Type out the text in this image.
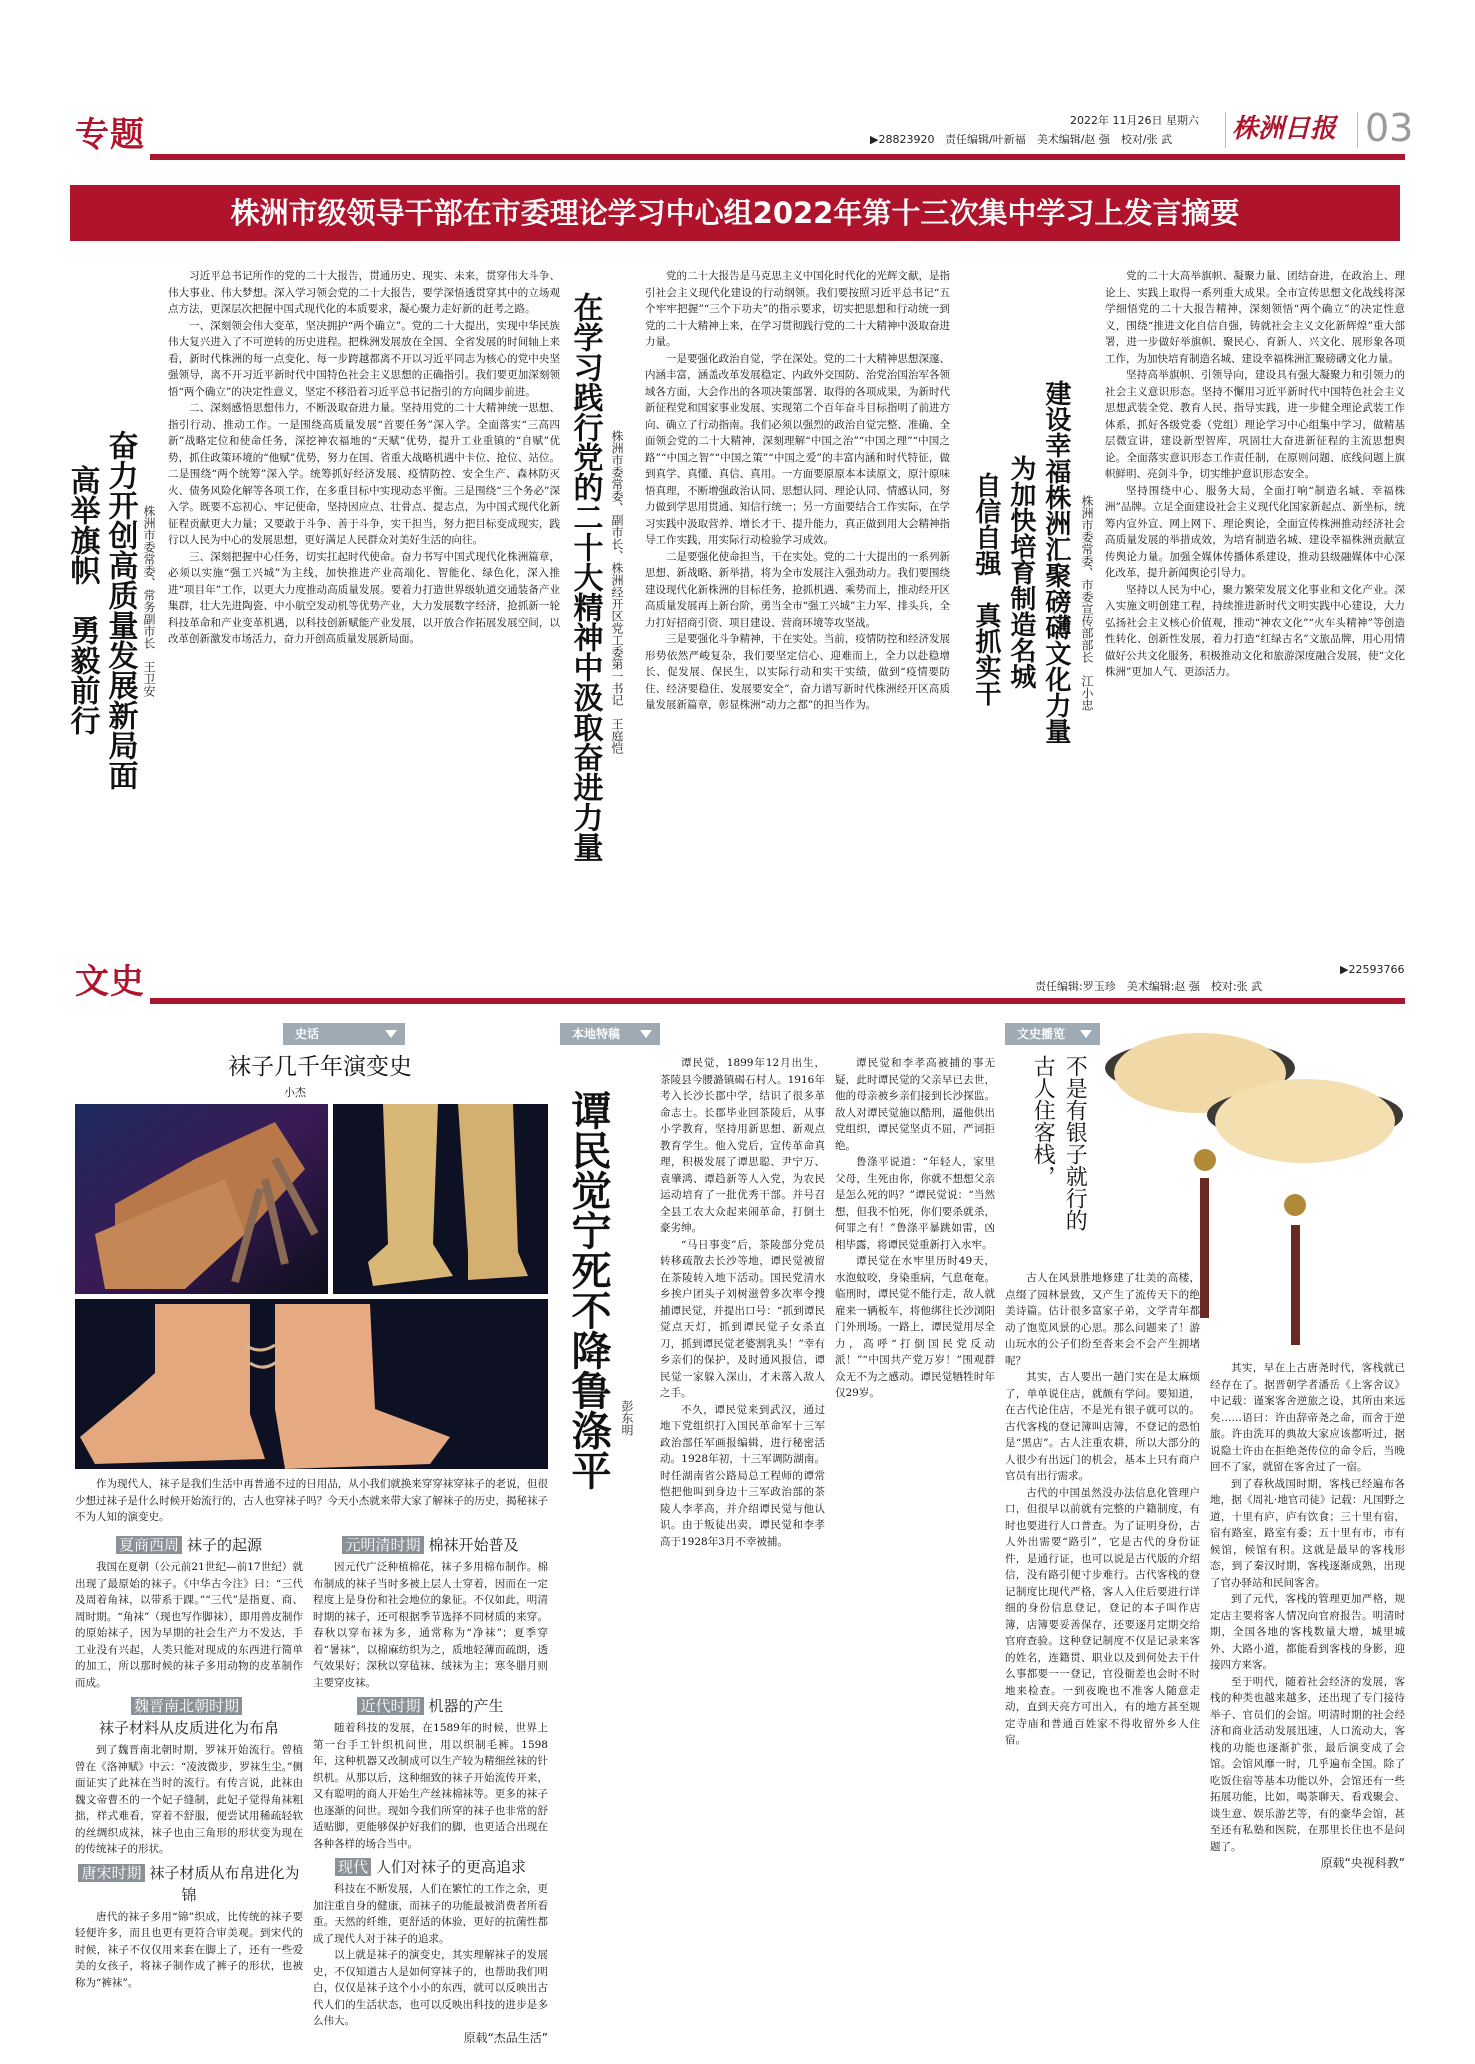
专题	2022年 11月26日 星期六
▶28823920 责任编辑/叶新福　美术编辑/赵 强　校对/张 武 株洲日报 03
株洲市级领导干部在市委理论学习中心组2022年第十三次集中学习上发言摘要
奋力开创高质量发展新局面
高举旗帜　勇毅前行	株洲市委常委、常务副市长　王卫安

习近平总书记所作的党的二十大报告，贯通历史、现实、未来，贯穿伟大斗争、伟大事业、伟大梦想。深入学习领会党的二十大报告，要学深悟透贯穿其中的立场观点方法，更深层次把握中国式现代化的本质要求，凝心聚力走好新的赶考之路。

一、深刻领会伟大变革，坚决拥护“两个确立”。党的二十大提出，实现中华民族伟大复兴进入了不可逆转的历史进程。把株洲发展放在全国、全省发展的时间轴上来看，新时代株洲的每一点变化、每一步跨越都离不开以习近平同志为核心的党中央坚强领导，离不开习近平新时代中国特色社会主义思想的正确指引。我们要更加深刻领悟“两个确立”的决定性意义，坚定不移沿着习近平总书记指引的方向阔步前进。

二、深刻感悟思想伟力，不断汲取奋进力量。坚持用党的二十大精神统一思想、指引行动、推动工作。一是围绕高质量发展“首要任务”深入学。全面落实“三高四新”战略定位和使命任务，深挖神农福地的“天赋”优势，提升工业重镇的“自赋”优势，抓住政策环境的“他赋”优势，努力在国、省重大战略机遇中卡位、抢位、站位。二是围绕“两个统筹”深入学。统筹抓好经济发展、疫情防控、安全生产、森林防灭火、债务风险化解等各项工作，在多重目标中实现动态平衡。三是围绕“三个务必”深入学。既要不忘初心、牢记使命，坚持因应点、壮骨点、提志点，为中国式现代化新征程贡献更大力量；又要敢于斗争、善于斗争，实干担当，努力把目标变成现实，践行以人民为中心的发展思想，更好满足人民群众对美好生活的向往。

三、深刻把握中心任务，切实扛起时代使命。奋力书写中国式现代化株洲篇章，必须以实施“强工兴城”为主线，加快推进产业高端化、智能化、绿色化，深入推进“项目年”工作，以更大力度推动高质量发展。要着力打造世界级轨道交通装备产业集群，壮大先进陶瓷、中小航空发动机等优势产业，大力发展数字经济，抢抓新一轮科技革命和产业变革机遇，以科技创新赋能产业发展，以开放合作拓展发展空间，以改革创新激发市场活力，奋力开创高质量发展新局面。	在学习践行党的二十大精神中汲取奋进力量 株洲市委常委、副市长、株洲经开区党工委第一书记　王庭恺

党的二十大报告是马克思主义中国化时代化的光辉文献，是指引社会主义现代化建设的行动纲领。我们要按照习近平总书记“五个牢牢把握”“三个下功夫”的指示要求，切实把思想和行动统一到党的二十大精神上来，在学习贯彻践行党的二十大精神中汲取奋进力量。

一是要强化政治自觉，学在深处。党的二十大精神思想深邃、内涵丰富，涵盖改革发展稳定、内政外交国防、治党治国治军各领域各方面，大会作出的各项决策部署、取得的各项成果，为新时代新征程党和国家事业发展、实现第二个百年奋斗目标指明了前进方向、确立了行动指南。我们必须以强烈的政治自觉完整、准确、全面领会党的二十大精神，深刻理解“中国之治”“中国之理”“中国之路”“中国之智”“中国之策”“中国之爱”的丰富内涵和时代特征，做到真学、真懂、真信、真用。一方面要原原本本读原文，原汁原味悟真理，不断增强政治认同、思想认同、理论认同、情感认同，努力做到学思用贯通、知信行统一；另一方面要结合工作实际，在学习实践中汲取营养、增长才干、提升能力，真正做到用大会精神指导工作实践，用实际行动检验学习成效。

二是要强化使命担当，干在实处。党的二十大提出的一系列新思想、新战略、新举措，将为全市发展注入强劲动力。我们要围绕建设现代化新株洲的目标任务，抢抓机遇、乘势而上，推动经开区高质量发展再上新台阶，勇当全市“强工兴城”主力军、排头兵，全力打好招商引资、项目建设、营商环境等攻坚战。

三是要强化斗争精神，干在实处。当前，疫情防控和经济发展形势依然严峻复杂，我们要坚定信心、迎难而上，全力以赴稳增长、促发展、保民生，以实际行动和实干实绩，做到“疫情要防住、经济要稳住、发展要安全”，奋力谱写新时代株洲经开区高质量发展新篇章，彰显株洲“动力之都”的担当作为。	建设幸福株洲汇聚磅礴文化力量
为加快培育制造名城
自信自强　真抓实干	株洲市委常委、市委宣传部部长　江小忠

党的二十大高举旗帜、凝聚力量、团结奋进，在政治上、理论上、实践上取得一系列重大成果。全市宣传思想文化战线将深学细悟党的二十大报告精神，深刻领悟“两个确立”的决定性意义，围绕“推进文化自信自强，铸就社会主义文化新辉煌”重大部署，进一步做好举旗帜、聚民心、育新人、兴文化、展形象各项工作，为加快培育制造名城、建设幸福株洲汇聚磅礴文化力量。

坚持高举旗帜、引领导向，建设具有强大凝聚力和引领力的社会主义意识形态。坚持不懈用习近平新时代中国特色社会主义思想武装全党、教育人民、指导实践，进一步健全理论武装工作体系，抓好各级党委（党组）理论学习中心组集中学习，做精基层微宣讲，建设新型智库，巩固壮大奋进新征程的主流思想舆论。全面落实意识形态工作责任制，在原则问题、底线问题上旗帜鲜明、亮剑斗争，切实维护意识形态安全。

坚持围绕中心、服务大局，全面打响“制造名城、幸福株洲”品牌。立足全面建设社会主义现代化国家新起点、新坐标，统筹内宣外宣、网上网下、理论舆论，全面宣传株洲推动经济社会高质量发展的举措成效，为培育制造名城、建设幸福株洲贡献宣传舆论力量。加强全媒体传播体系建设，推动县级融媒体中心深化改革，提升新闻舆论引导力。

坚持以人民为中心，聚力繁荣发展文化事业和文化产业。深入实施文明创建工程，持续推进新时代文明实践中心建设，大力弘扬社会主义核心价值观，推动“神农文化”“火车头精神”等创造性转化、创新性发展，着力打造“红绿古名”文旅品牌，用心用情做好公共文化服务，积极推动文化和旅游深度融合发展，使“文化株洲”更加人气、更添活力。

文史	▶22593766
责任编辑:罗玉珍　美术编辑:赵 强　校对:张 武
史话
袜子几千年演变史
小杰

作为现代人，袜子是我们生活中再普通不过的日用品，从小我们就换来穿穿袜穿袜子的老说，但很少想过袜子是什么时候开始流行的，古人也穿袜子吗？今天小杰就来带大家了解袜子的历史，揭秘袜子不为人知的演变史。

夏商西周 袜子的起源

我国在夏朝（公元前21世纪—前17世纪）就出现了最原始的袜子。《中华古今注》曰：“三代及周着角袜，以带系于踝。”“三代”是指夏、商、周时期。“角袜”（现也写作脚袜），即用兽皮制作的原始袜子，因为早期的社会生产力不发达，手工业没有兴起，人类只能对现成的东西进行简单的加工，所以那时候的袜子多用动物的皮革制作而成。

魏晋南北朝时期
袜子材料从皮质进化为布帛

到了魏晋南北朝时期，罗袜开始流行。曾植曾在《洛神赋》中云：“凌波微步，罗袜生尘。”侧面证实了此袜在当时的流行。有传言说，此袜由魏文帝曹丕的一个妃子缝制，此妃子觉得角袜粗拙，样式难看，穿着不舒服，便尝试用稀疏轻软的丝绸织成袜，袜子也由三角形的形状变为现在的传统袜子的形状。

唐宋时期 袜子材质从布帛进化为锦

唐代的袜子多用“锦”织成，比传统的袜子要轻便许多，而且也更有更符合审美观。到宋代的时候，袜子不仅仅用来套在脚上了，还有一些爱美的女孩子，将袜子制作成了裤子的形状，也被称为“裤袜”。

元明清时期 棉袜开始普及

因元代广泛种植棉花，袜子多用棉布制作。棉布制成的袜子当时多被上层人士穿着，因而在一定程度上是身份和社会地位的象征。不仅如此，明清时期的袜子，还可根据季节选择不同材质的来穿。春秋以穿布袜为多，通常称为“净袜”；夏季穿着“暑袜”，以棉麻纺织为之，质地轻薄而疏朗，透气效果好；深秋以穿毡袜、绒袜为主；寒冬腊月则主要穿皮袜。

近代时期 机器的产生

随着科技的发展，在1589年的时候，世界上第一台手工针织机问世，用以织制毛裤。1598年，这种机器又改制成可以生产较为精细丝袜的针织机。从那以后，这种细致的袜子开始流传开来，又有聪明的商人开始生产丝袜棉袜等。更多的袜子也逐渐的问世。现如今我们所穿的袜子也非常的舒适贴脚，更能够保护好我们的脚，也更适合出现在各种各样的场合当中。

现代 人们对袜子的更高追求

科技在不断发展，人们在繁忙的工作之余，更加注重自身的健康，而袜子的功能最被消费者所看重。天然的纤维，更舒适的体验，更好的抗菌性都成了现代人对于袜子的追求。

以上就是袜子的演变史，其实理解袜子的发展史，不仅知道古人是如何穿袜子的，也帮助我们明白，仅仅是袜子这个小小的东西，就可以反映出古代人们的生活状态，也可以反映出科技的进步是多么伟大。

原载“杰品生活”
本地特稿
谭民觉宁死不降鲁涤平 彭东明

谭民觉，1899年12月出生，茶陵县今腰潞镇碣石村人。1916年考入长沙长郡中学，结识了很多革命志士。长郡毕业回茶陵后，从事小学教育，坚持用新思想、新观点教育学生。他入党后，宣传革命真理，积极发展了谭思聪、尹宁万、袁肇鸿、谭趋新等人入党，为农民运动培育了一批优秀干部。并号召全县工农大众起来闹革命，打倒土豪劣绅。

“马日事变”后，茶陵部分党员转移疏散去长沙等地，谭民觉被留在茶陵转入地下活动。国民党清水乡挨户团头子刘树滋曾多次率令搜捕谭民觉，并提出口号：“抓到谭民觉点天灯，抓到谭民觉子女杀直刀，抓到谭民觉老婆割乳头！”幸有乡亲们的保护，及时通风报信，谭民觉一家躲入深山，才未落入敌人之手。

不久，谭民觉来到武汉，通过地下党组织打入国民革命军十三军政治部任军画报编辑，进行秘密活动。1928年初，十三军调防湖南。时任湖南省公路局总工程师的谭常恺把他叫到身边十三军政治部的茶陵人李孝高，并介绍谭民觉与他认识。由于叛徒出卖，谭民觉和李孝高于1928年3月不幸被捕。

谭民觉和李孝高被捕的事无疑，此时谭民觉的父亲早已去世，他的母亲被乡亲们接到长沙探监。敌人对谭民觉施以酷刑，逼他供出党组织，谭民觉坚贞不屈，严词拒绝。

鲁涤平说道：“年轻人，家里父母，生死由你，你就不想想父亲是怎么死的吗？”谭民觉说：“当然想，但我不怕死，你们要杀就杀，何罪之有！”鲁涤平暴跳如雷，凶相毕露，将谭民觉重新打入水牢。

谭民觉在水牢里历时49天，水泡蚊咬，身染重病，气息奄奄。临刑时，谭民觉不能行走，敌人就雇来一辆板车，将他绑往长沙浏阳门外刑场。一路上，谭民觉用尽全力，高呼“打倒国民党反动派！”“中国共产党万岁！”围观群众无不为之感动。谭民觉牺牲时年仅29岁。

文史播览
不是有银子就行的
古人住客栈，

古人在风景胜地修建了壮美的高楼，点缀了园林景致，又产生了流传天下的绝美诗篇。估计很多富家子弟，文学青年都动了饱览风景的心思。那么问题来了！游山玩水的公子们纷至沓来会不会产生拥堵呢？

其实，古人要出一趟门实在是太麻烦了，单单说住店，就颇有学问。要知道，在古代论住店，不是光有银子就可以的。古代客栈的登记簿叫店簿，不登记的恐怕是“黑店”。古人注重农耕，所以大部分的人很少有出远门的机会，基本上只有商户官员有出行需求。

古代的中国虽然没办法信息化管理户口，但很早以前就有完整的户籍制度，有时也要进行人口普查。为了证明身份，古人外出需要“路引”，它是古代的身份证件，是通行证，也可以说是古代版的介绍信，没有路引便寸步难行。古代客栈的登记制度比现代严格，客人入住后要进行详细的身份信息登记，登记的本子叫作店簿，店簿要妥善保存，还要逐月定期交给官府查验。这种登记制度不仅是记录来客的姓名，连籍贯、职业以及到何处去干什么事都要一一登记，官役衙差也会时不时地来检查。一到夜晚也不准客人随意走动，直到天亮方可出入，有的地方甚至规定寺庙和普通百姓家不得收留外乡人住宿。

其实，早在上古唐尧时代，客栈就已经存在了。据晋朝学者潘岳《上客舍议》中记载：谨案客舍逆旅之设，其所由来远矣……语曰：许由辞帝尧之命，而舍于逆旅。许由洗耳的典故大家应该都听过，据说隐士许由在拒绝尧传位的命令后，当晚回不了家，就留在客舍过了一宿。

到了春秋战国时期，客栈已经遍布各地，据《周礼·地官司徒》记载：凡国野之道，十里有庐，庐有饮食；三十里有宿，宿有路室，路室有委；五十里有市，市有候馆，候馆有积。这就是最早的客栈形态，到了秦汉时期，客栈逐渐成熟，出现了官办驿站和民间客舍。

到了元代，客栈的管理更加严格，规定店主要将客人情况向官府报告。明清时期，全国各地的客栈数量大增，城里城外、大路小道，都能看到客栈的身影，迎接四方来客。

至于明代，随着社会经济的发展，客栈的种类也越来越多，还出现了专门接待举子、官员们的会馆。明清时期的社会经济和商业活动发展迅速，人口流动大，客栈的功能也逐渐扩张，最后演变成了会馆。会馆风靡一时，几乎遍布全国。除了吃饭住宿等基本功能以外，会馆还有一些拓展功能，比如，喝茶聊天、看戏聚会、谈生意、娱乐游艺等，有的豪华会馆，甚至还有私塾和医院，在那里长住也不是问题了。

原载“央视科教”
